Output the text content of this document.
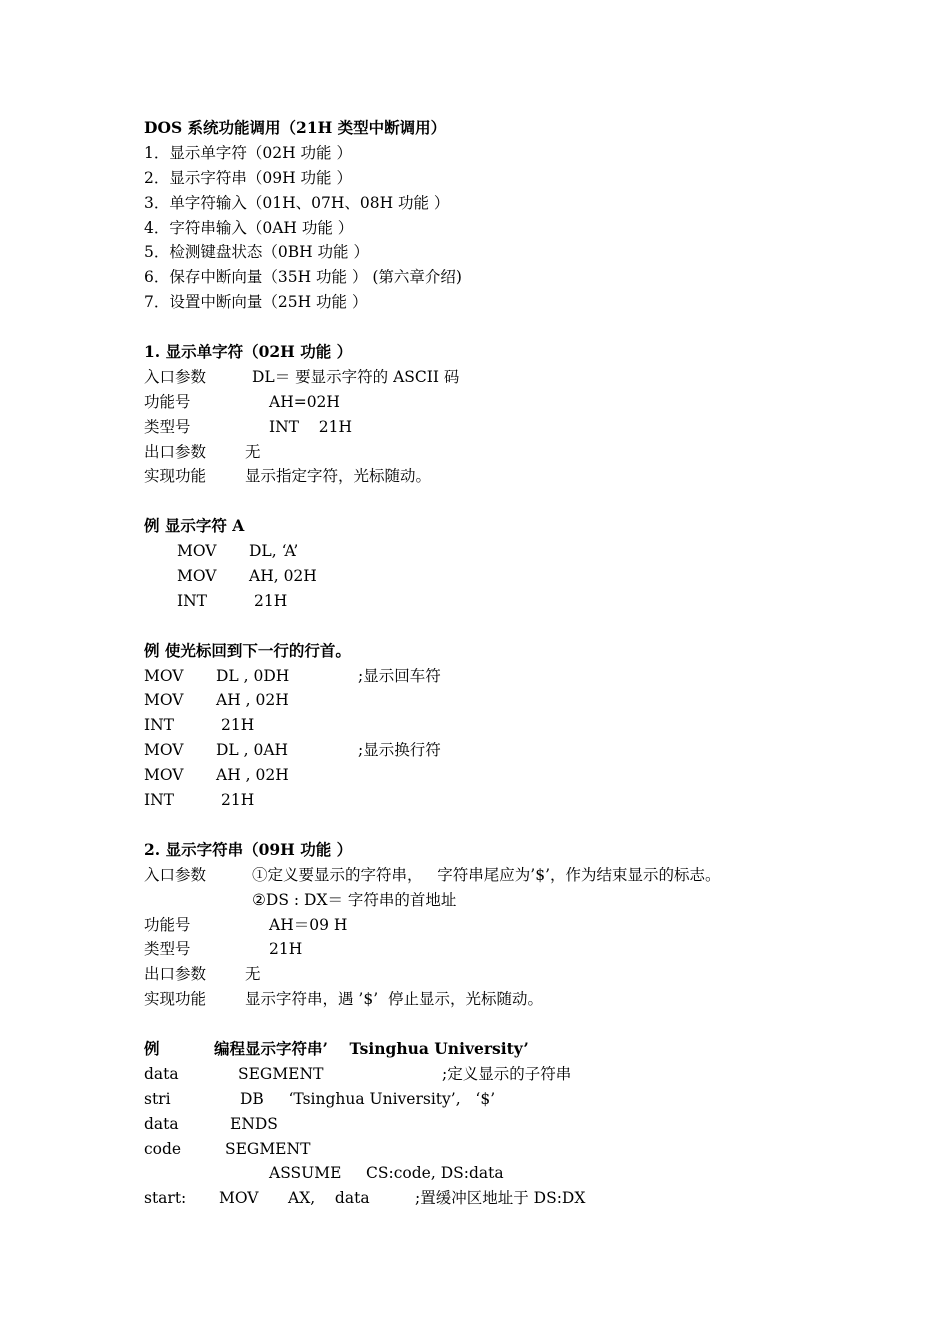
DOS 系统功能调用（21H 类型中断调用）
1．显示单字符（02H 功能 ）
2．显示字符串（09H 功能 ）
3．单字符输入（01H、07H、08H 功能 ）
4．字符串输入（0AH 功能 ）
5．检测键盘状态（0BH 功能 ）
6．保存中断向量（35H 功能 ） (第六章介绍)
7．设置中断向量（25H 功能 ）
1. 显示单字符（02H 功能 ）
入口参数	DL＝ 要显示字符的 ASCII 码
功能号	AH=02H
类型号	INT    21H
出口参数	无
实现功能	显示指定字符，光标随动。
例 显示字符 A
MOV DL, ‘A’
MOV AH, 02H
INT	21H
例 使光标回到下一行的行首。
MOV DL , 0DH	;显示回车符
MOV AH , 02H
INT	21H
MOV DL , 0AH	;显示换行符
MOV AH , 02H
INT	21H
2. 显示字符串（09H 功能 ）
入口参数	①定义要显示的字符串，   字符串尾应为’$’，作为结束显示的标志。
②DS : DX＝ 字符串的首地址
功能号	AH＝09 H
类型号	21H
出口参数	无
实现功能	显示字符串，遇 ’$’  停止显示，光标随动。
例	编程显示字符串’    Tsinghua University’
data	SEGMENT	;定义显示的子符串
stri	DB     ‘Tsinghua University’,   ‘$’
data	ENDS
code	SEGMENT
ASSUME     CS:code, DS:data
start: MOV      AX,    data	;置缓冲区地址于 DS:DX
